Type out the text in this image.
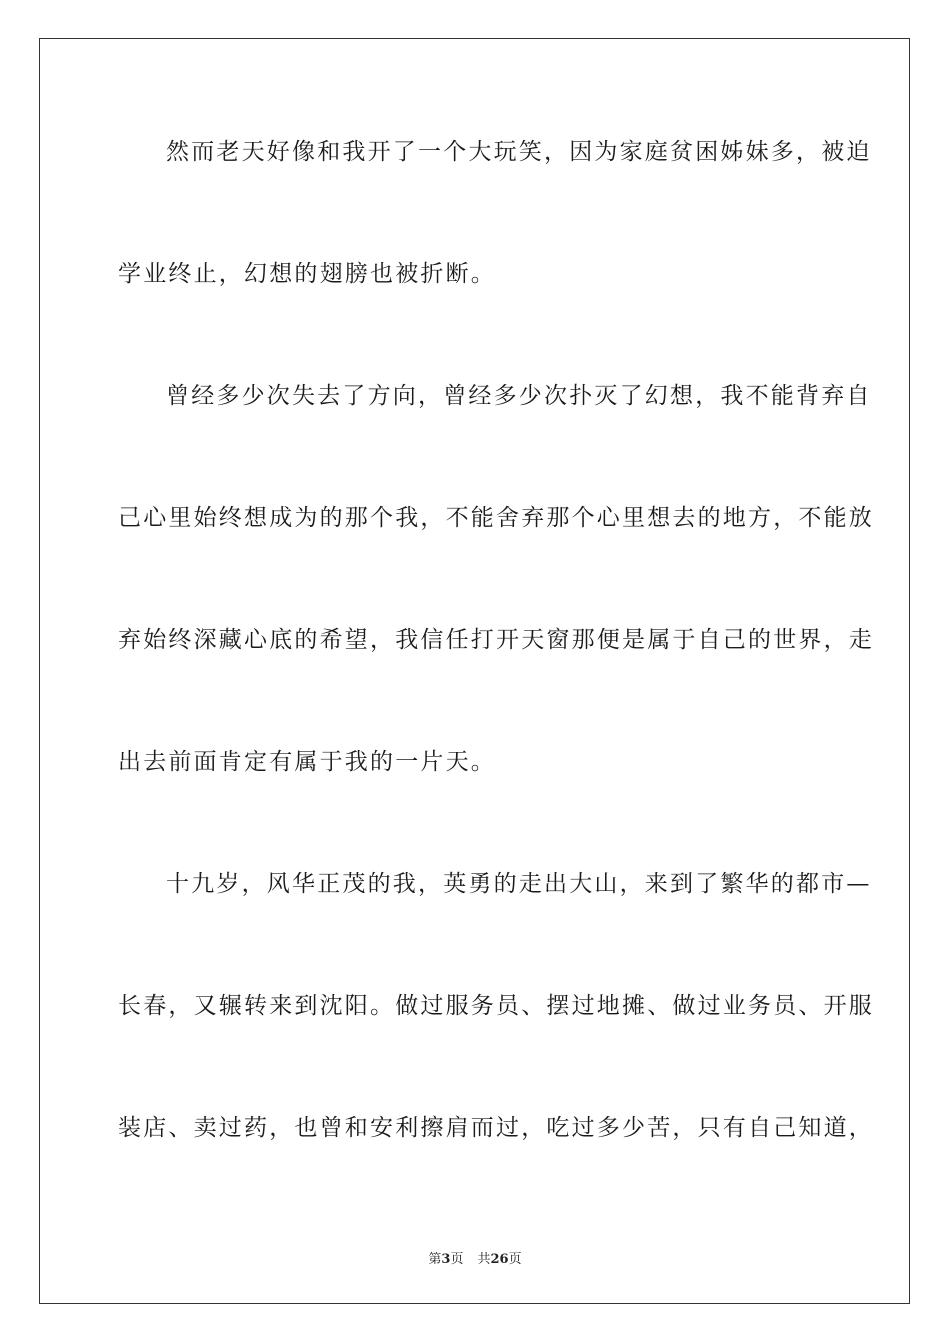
然而老天好像和我开了一个大玩笑，因为家庭贫困姊妹多，被迫
学业终止，幻想的翅膀也被折断。
曾经多少次失去了方向，曾经多少次扑灭了幻想，我不能背弃自
己心里始终想成为的那个我，不能舍弃那个心里想去的地方，不能放
弃始终深藏心底的希望，我信任打开天窗那便是属于自己的世界，走
出去前面肯定有属于我的一片天。
十九岁，风华正茂的我，英勇的走出大山，来到了繁华的都市—
长春，又辗转来到沈阳。做过服务员、摆过地摊、做过业务员、开服
装店、卖过药，也曾和安利擦肩而过，吃过多少苦，只有自己知道，
第3页 共26页
